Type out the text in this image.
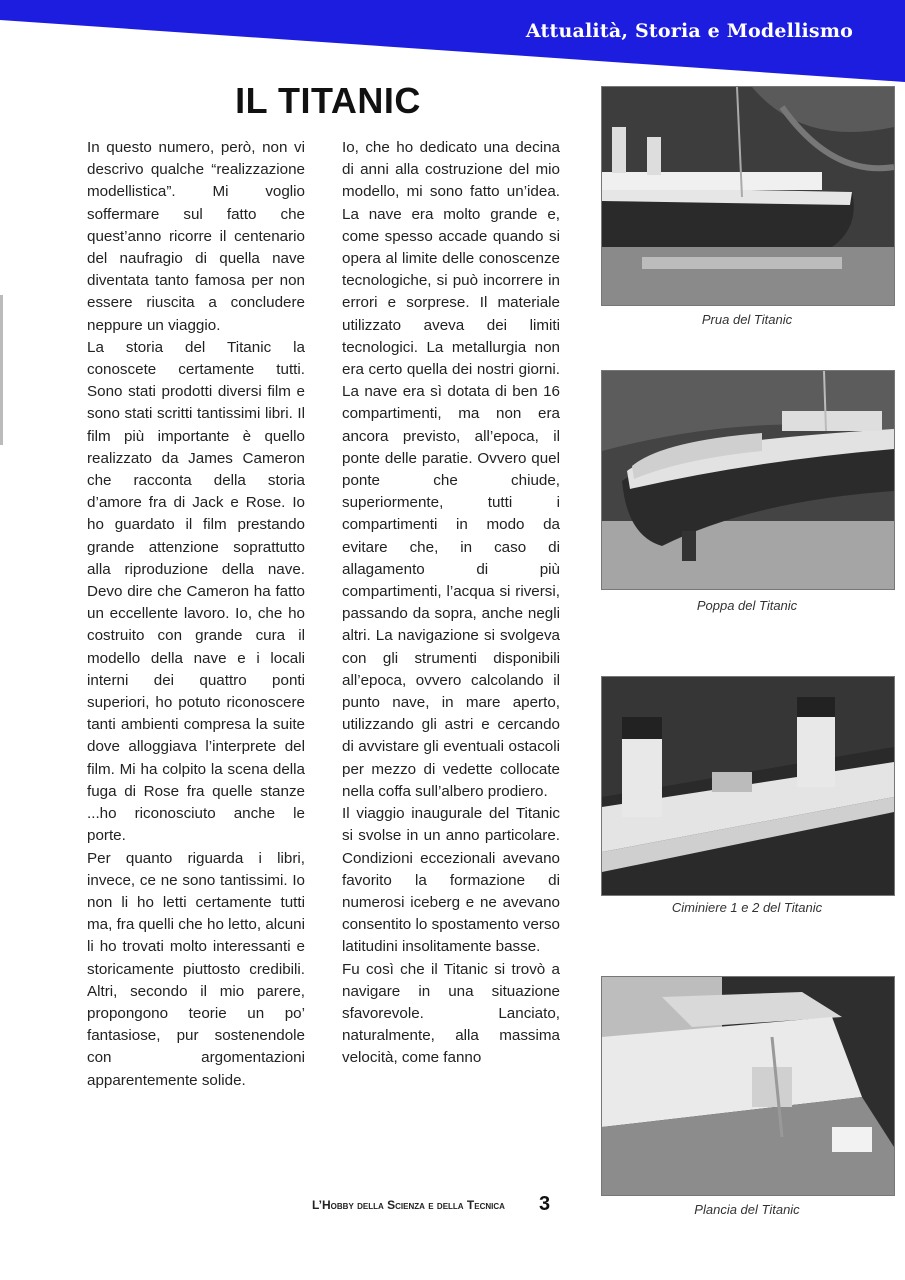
Attualità, Storia e Modellismo
IL TITANIC

In questo numero, però, non vi descrivo qualche “realizzazione modellistica”. Mi voglio soffermare sul fatto che quest’anno ricorre il centenario del naufragio di quella nave diventata tanto famosa per non essere riuscita a concludere neppure un viaggio.

La storia del Titanic la conoscete certamente tutti. Sono stati prodotti diversi film e sono stati scritti tantissimi libri. Il film più importante è quello realizzato da James Cameron che racconta della storia d’amore fra di Jack e Rose. Io ho guardato il film prestando grande attenzione soprattutto alla riproduzione della nave. Devo dire che Cameron ha fatto un eccellente lavoro. Io, che ho costruito con grande cura il modello della nave e i locali interni dei quattro ponti superiori, ho potuto riconoscere tanti ambienti compresa la suite dove alloggiava l’interprete del film. Mi ha colpito la scena della fuga di Rose fra quelle stanze ...ho riconosciuto anche le porte.

Per quanto riguarda i libri, invece, ce ne sono tantissimi. Io non li ho letti certamente tutti ma, fra quelli che ho letto, alcuni li ho trovati molto interessanti e storicamente piuttosto credibili. Altri, secondo il mio parere, propongono teorie un po’ fantasiose, pur sostenendole con argomentazioni apparentemente solide.

Io, che ho dedicato una decina di anni alla costruzione del mio modello, mi sono fatto un’idea. La nave era molto grande e, come spesso accade quando si opera al limite delle conoscenze tecnologiche, si può incorrere in errori e sorprese. Il materiale utilizzato aveva dei limiti tecnologici. La metallurgia non era certo quella dei nostri giorni. La nave era sì dotata di ben 16 compartimenti, ma non era ancora previsto, all’epoca, il ponte delle paratie. Ovvero quel ponte che chiude, superiormente, tutti i compartimenti in modo da evitare che, in caso di allagamento di più compartimenti, l’acqua si riversi, passando da sopra, anche negli altri. La navigazione si svolgeva con gli strumenti disponibili all’epoca, ovvero calcolando il punto nave, in mare aperto, utilizzando gli astri e cercando di avvistare gli eventuali ostacoli per mezzo di vedette collocate nella coffa sull’albero prodiero.

Il viaggio inaugurale del Titanic si svolse in un anno particolare. Condizioni eccezionali avevano favorito la formazione di numerosi iceberg e ne avevano consentito lo spostamento verso latitudini insolitamente basse.

Fu così che il Titanic si trovò a navigare in una situazione sfavorevole. Lanciato, naturalmente, alla massima velocità, come fanno

Prua del Titanic
Poppa del Titanic
Ciminiere 1 e 2 del Titanic
Plancia del Titanic
L’Hobby della Scienza e della Tecnica 3
